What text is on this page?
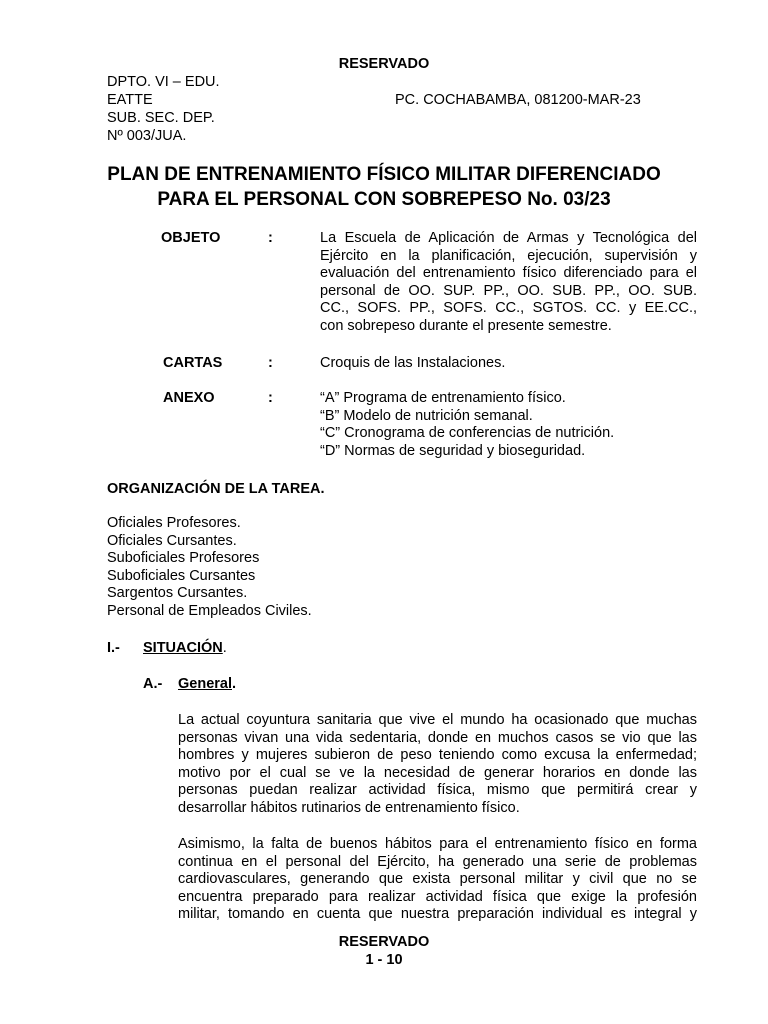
RESERVADO
DPTO. VI – EDU.
EATTE
SUB. SEC. DEP.
Nº 003/JUA.
PC. COCHABAMBA, 081200-MAR-23
PLAN DE ENTRENAMIENTO FÍSICO MILITAR DIFERENCIADO
PARA EL PERSONAL CON SOBREPESO No. 03/23
OBJETO	:	La Escuela de Aplicación de Armas y Tecnológica del
Ejército en la planificación, ejecución, supervisión y
evaluación del entrenamiento físico diferenciado para el
personal de OO. SUP. PP., OO. SUB. PP., OO. SUB.
CC., SOFS. PP., SOFS. CC., SGTOS. CC. y EE.CC.,
con sobrepeso durante el presente semestre.
CARTAS	:	Croquis de las Instalaciones.
ANEXO	:	“A” Programa de entrenamiento físico.
“B” Modelo de nutrición semanal.
“C” Cronograma de conferencias de nutrición.
“D” Normas de seguridad y bioseguridad.
ORGANIZACIÓN DE LA TAREA.
Oficiales Profesores.
Oficiales Cursantes.
Suboficiales Profesores
Suboficiales Cursantes
Sargentos Cursantes.
Personal de Empleados Civiles.
I.- SITUACIÓN.
A.- General.
La actual coyuntura sanitaria que vive el mundo ha ocasionado que muchas
personas vivan una vida sedentaria, donde en muchos casos se vio que las
hombres y mujeres subieron de peso teniendo como excusa la enfermedad;
motivo por el cual se ve la necesidad de generar horarios en donde las
personas puedan realizar actividad física, mismo que permitirá crear y
desarrollar hábitos rutinarios de entrenamiento físico.
Asimismo, la falta de buenos hábitos para el entrenamiento físico en forma
continua en el personal del Ejército, ha generado una serie de problemas
cardiovasculares, generando que exista personal militar y civil que no se
encuentra preparado para realizar actividad física que exige la profesión
militar, tomando en cuenta que nuestra preparación individual es integral y
RESERVADO
1 - 10
